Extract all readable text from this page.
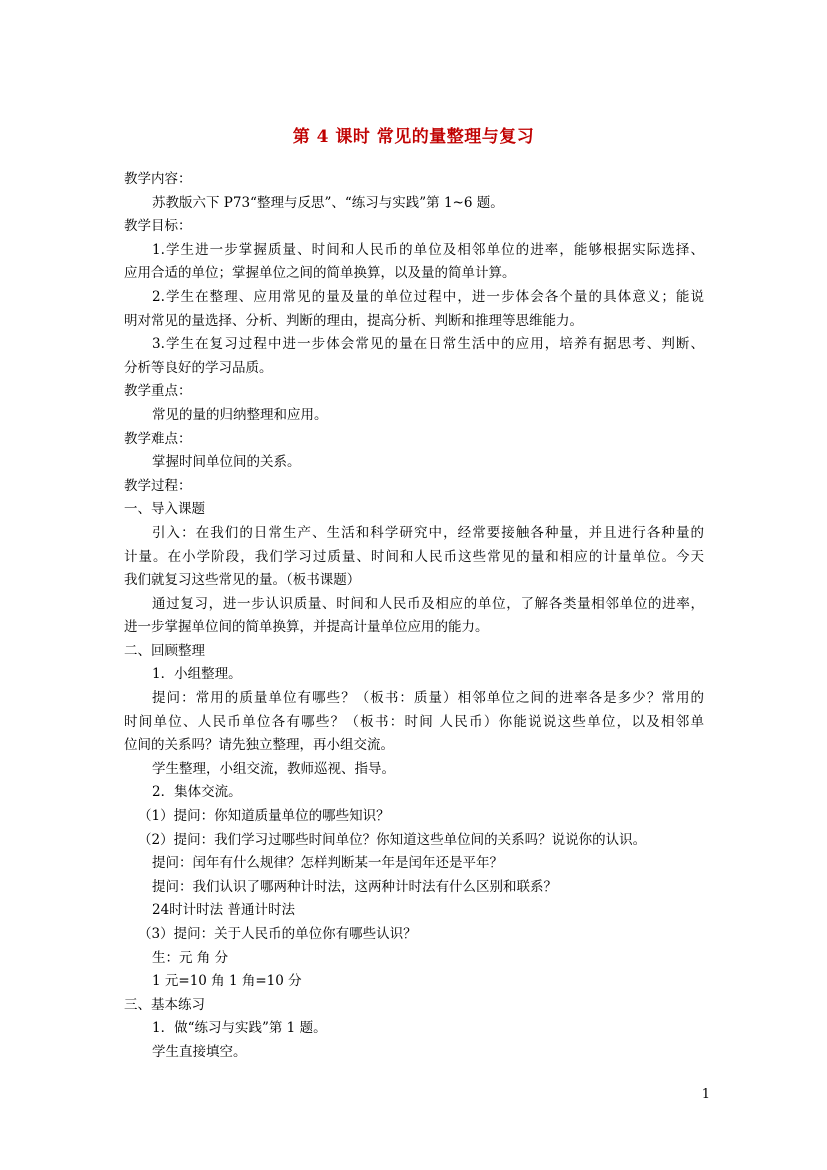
第 4 课时 常见的量整理与复习
教学内容：
苏教版六下 P73“整理与反思”、“练习与实践”第 1~6 题。
教学目标：
1.学生进一步掌握质量、时间和人民币的单位及相邻单位的进率，能够根据实际选择、
应用合适的单位；掌握单位之间的简单换算，以及量的简单计算。
2.学生在整理、应用常见的量及量的单位过程中，进一步体会各个量的具体意义；能说
明对常见的量选择、分析、判断的理由，提高分析、判断和推理等思维能力。
3.学生在复习过程中进一步体会常见的量在日常生活中的应用，培养有据思考、判断、
分析等良好的学习品质。
教学重点：
常见的量的归纳整理和应用。
教学难点：
掌握时间单位间的关系。
教学过程：
一、导入课题
引入：在我们的日常生产、生活和科学研究中，经常要接触各种量，并且进行各种量的
计量。在小学阶段，我们学习过质量、时间和人民币这些常见的量和相应的计量单位。今天
我们就复习这些常见的量。（板书课题）
通过复习，进一步认识质量、时间和人民币及相应的单位，了解各类量相邻单位的进率，
进一步掌握单位间的简单换算，并提高计量单位应用的能力。
二、回顾整理
1．小组整理。
提问：常用的质量单位有哪些？（板书：质量）相邻单位之间的进率各是多少？常用的
时间单位、人民币单位各有哪些？（板书：时间 人民币）你能说说这些单位，以及相邻单
位间的关系吗？请先独立整理，再小组交流。
学生整理，小组交流，教师巡视、指导。
2．集体交流。
（1）提问：你知道质量单位的哪些知识？
（2）提问：我们学习过哪些时间单位？你知道这些单位间的关系吗？说说你的认识。
提问：闰年有什么规律？怎样判断某一年是闰年还是平年？
提问：我们认识了哪两种计时法，这两种计时法有什么区别和联系？
24时计时法 普通计时法
（3）提问：关于人民币的单位你有哪些认识？
生：元 角 分
1 元=10 角 1 角=10 分
三、基本练习
1．做“练习与实践”第 1 题。
学生直接填空。
1
